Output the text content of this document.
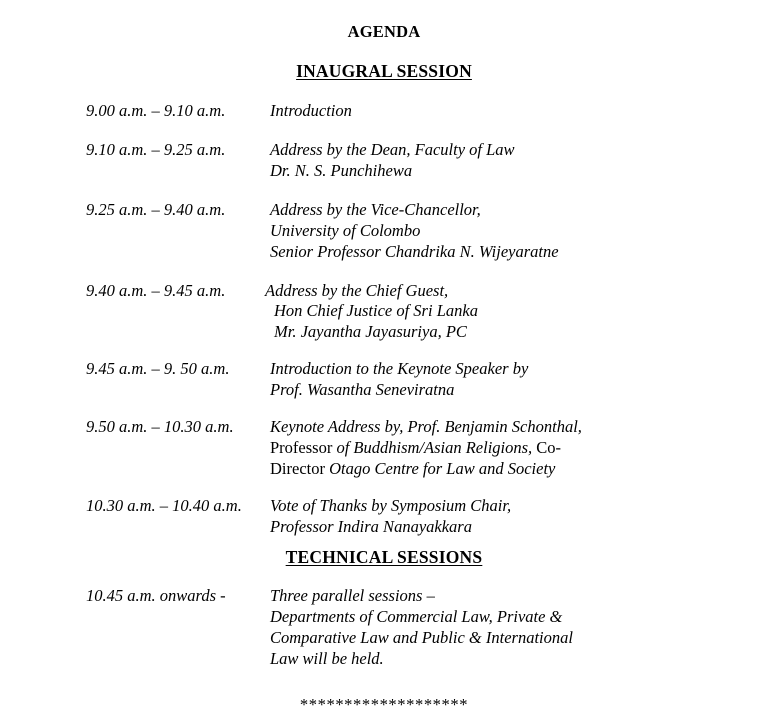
AGENDA
INAUGRAL SESSION
9.00 a.m. – 9.10 a.m.	Introduction
9.10 a.m. – 9.25 a.m.	Address by the Dean, Faculty of Law
Dr. N. S. Punchihewa
9.25 a.m. – 9.40 a.m.	Address by the Vice-Chancellor,
University of Colombo
Senior Professor Chandrika N. Wijeyaratne
9.40 a.m. – 9.45 a.m.	Address by the Chief Guest,
Hon Chief Justice of Sri Lanka
Mr. Jayantha Jayasuriya, PC
9.45 a.m. – 9. 50 a.m.	Introduction to the Keynote Speaker by
Prof. Wasantha Seneviratna
9.50 a.m. – 10.30 a.m.	Keynote Address by, Prof. Benjamin Schonthal,
Professor of Buddhism/Asian Religions, Co-
Director Otago Centre for Law and Society
10.30 a.m. – 10.40 a.m.	Vote of Thanks by Symposium Chair,
Professor Indira Nanayakkara
TECHNICAL SESSIONS
10.45 a.m. onwards -	Three parallel sessions –
Departments of Commercial Law, Private &
Comparative Law and Public & International
Law will be held.
*******************
